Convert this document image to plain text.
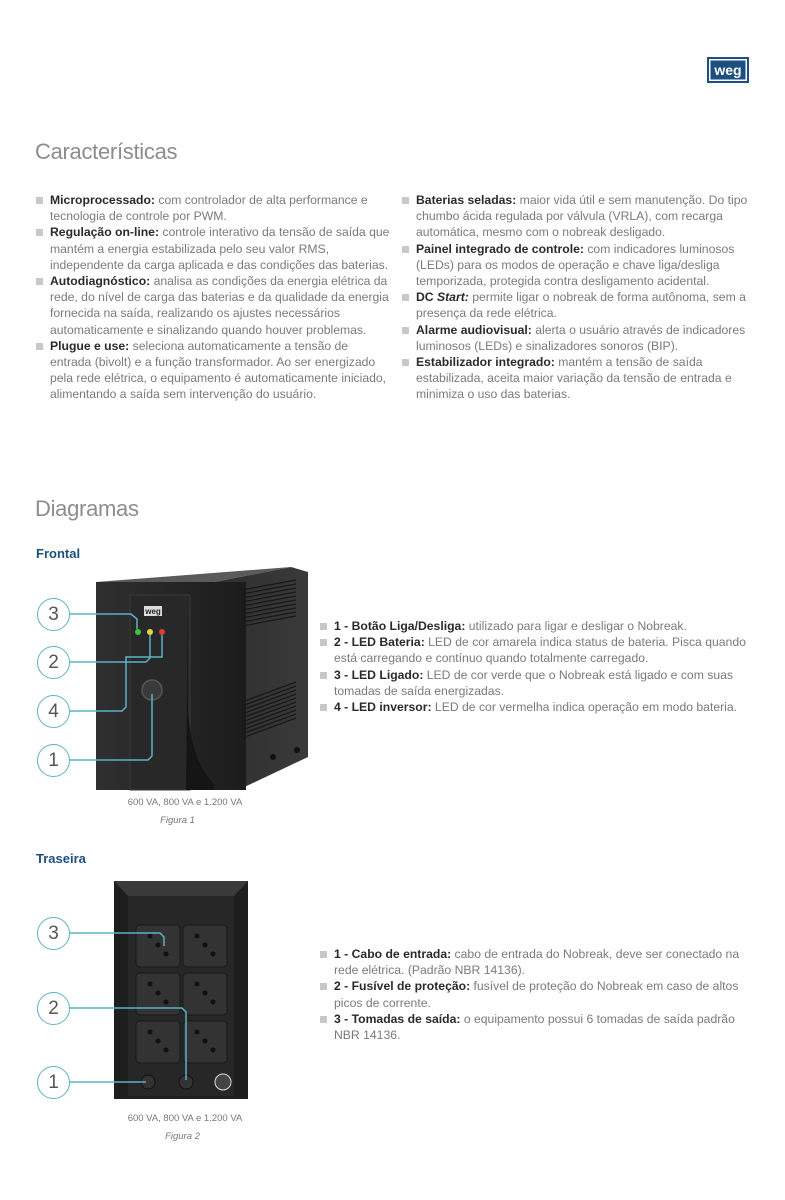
weg
Características
Microprocessado: com controlador de alta performance e tecnologia de controle por PWM.
Regulação on-line: controle interativo da tensão de saída que mantém a energia estabilizada pelo seu valor RMS, independente da carga aplicada e das condições das baterias.
Autodiagnóstico: analisa as condições da energia elétrica da rede, do nível de carga das baterias e da qualidade da energia fornecida na saída, realizando os ajustes necessários automaticamente e sinalizando quando houver problemas.
Plugue e use: seleciona automaticamente a tensão de entrada (bivolt) e a função transformador. Ao ser energizado pela rede elétrica, o equipamento é automaticamente iniciado, alimentando a saída sem intervenção do usuário.
Baterias seladas: maior vida útil e sem manutenção. Do tipo chumbo ácida regulada por válvula (VRLA), com recarga automática, mesmo com o nobreak desligado.
Painel integrado de controle: com indicadores luminosos (LEDs) para os modos de operação e chave liga/desliga temporizada, protegida contra desligamento acidental.
DC Start: permite ligar o nobreak de forma autônoma, sem a presença da rede elétrica.
Alarme audiovisual: alerta o usuário através de indicadores luminosos (LEDs) e sinalizadores sonoros (BIP).
Estabilizador integrado: mantém a tensão de saída estabilizada, aceita maior variação da tensão de entrada e minimiza o uso das baterias.
Diagramas
Frontal
weg
3
2
4
1
600 VA, 800 VA e 1.200 VA
Figura 1
1 - Botão Liga/Desliga: utilizado para ligar e desligar o Nobreak.
2 - LED Bateria: LED de cor amarela indica status de bateria. Pisca quando está carregando e contínuo quando totalmente carregado.
3 - LED Ligado: LED de cor verde que o Nobreak está ligado e com suas tomadas de saída energizadas.
4 - LED inversor: LED de cor vermelha indica operação em modo bateria.
Traseira
3
2
1
600 VA, 800 VA e 1.200 VA
Figura 2
1 - Cabo de entrada: cabo de entrada do Nobreak, deve ser conectado na rede elétrica. (Padrão NBR 14136).
2 - Fusível de proteção: fusível de proteção do Nobreak em caso de altos picos de corrente.
3 - Tomadas de saída: o equipamento possui 6 tomadas de saída padrão NBR 14136.
